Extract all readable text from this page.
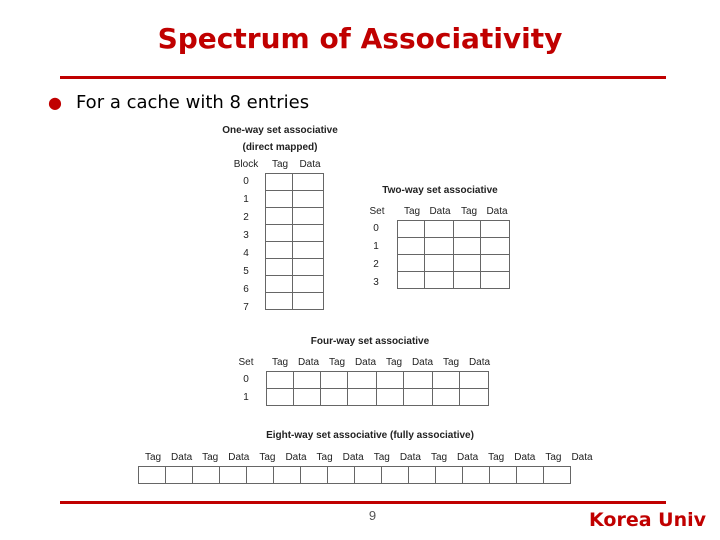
Spectrum of Associativity
● For a cache with 8 entries
One-way set associative
(direct mapped)
Block	Tag	Data
0
1
2
3
4
5
6
7

Two-way set associative
Set	Tag Data	Tag Data
0
1
2
3

Four-way set associative
Set	Tag Data Tag Data Tag Data Tag Data
0
1

Eight-way set associative (fully associative)
Tag Data Tag Data Tag Data Tag Data Tag Data Tag Data Tag Data Tag Data

9	Korea Univ
